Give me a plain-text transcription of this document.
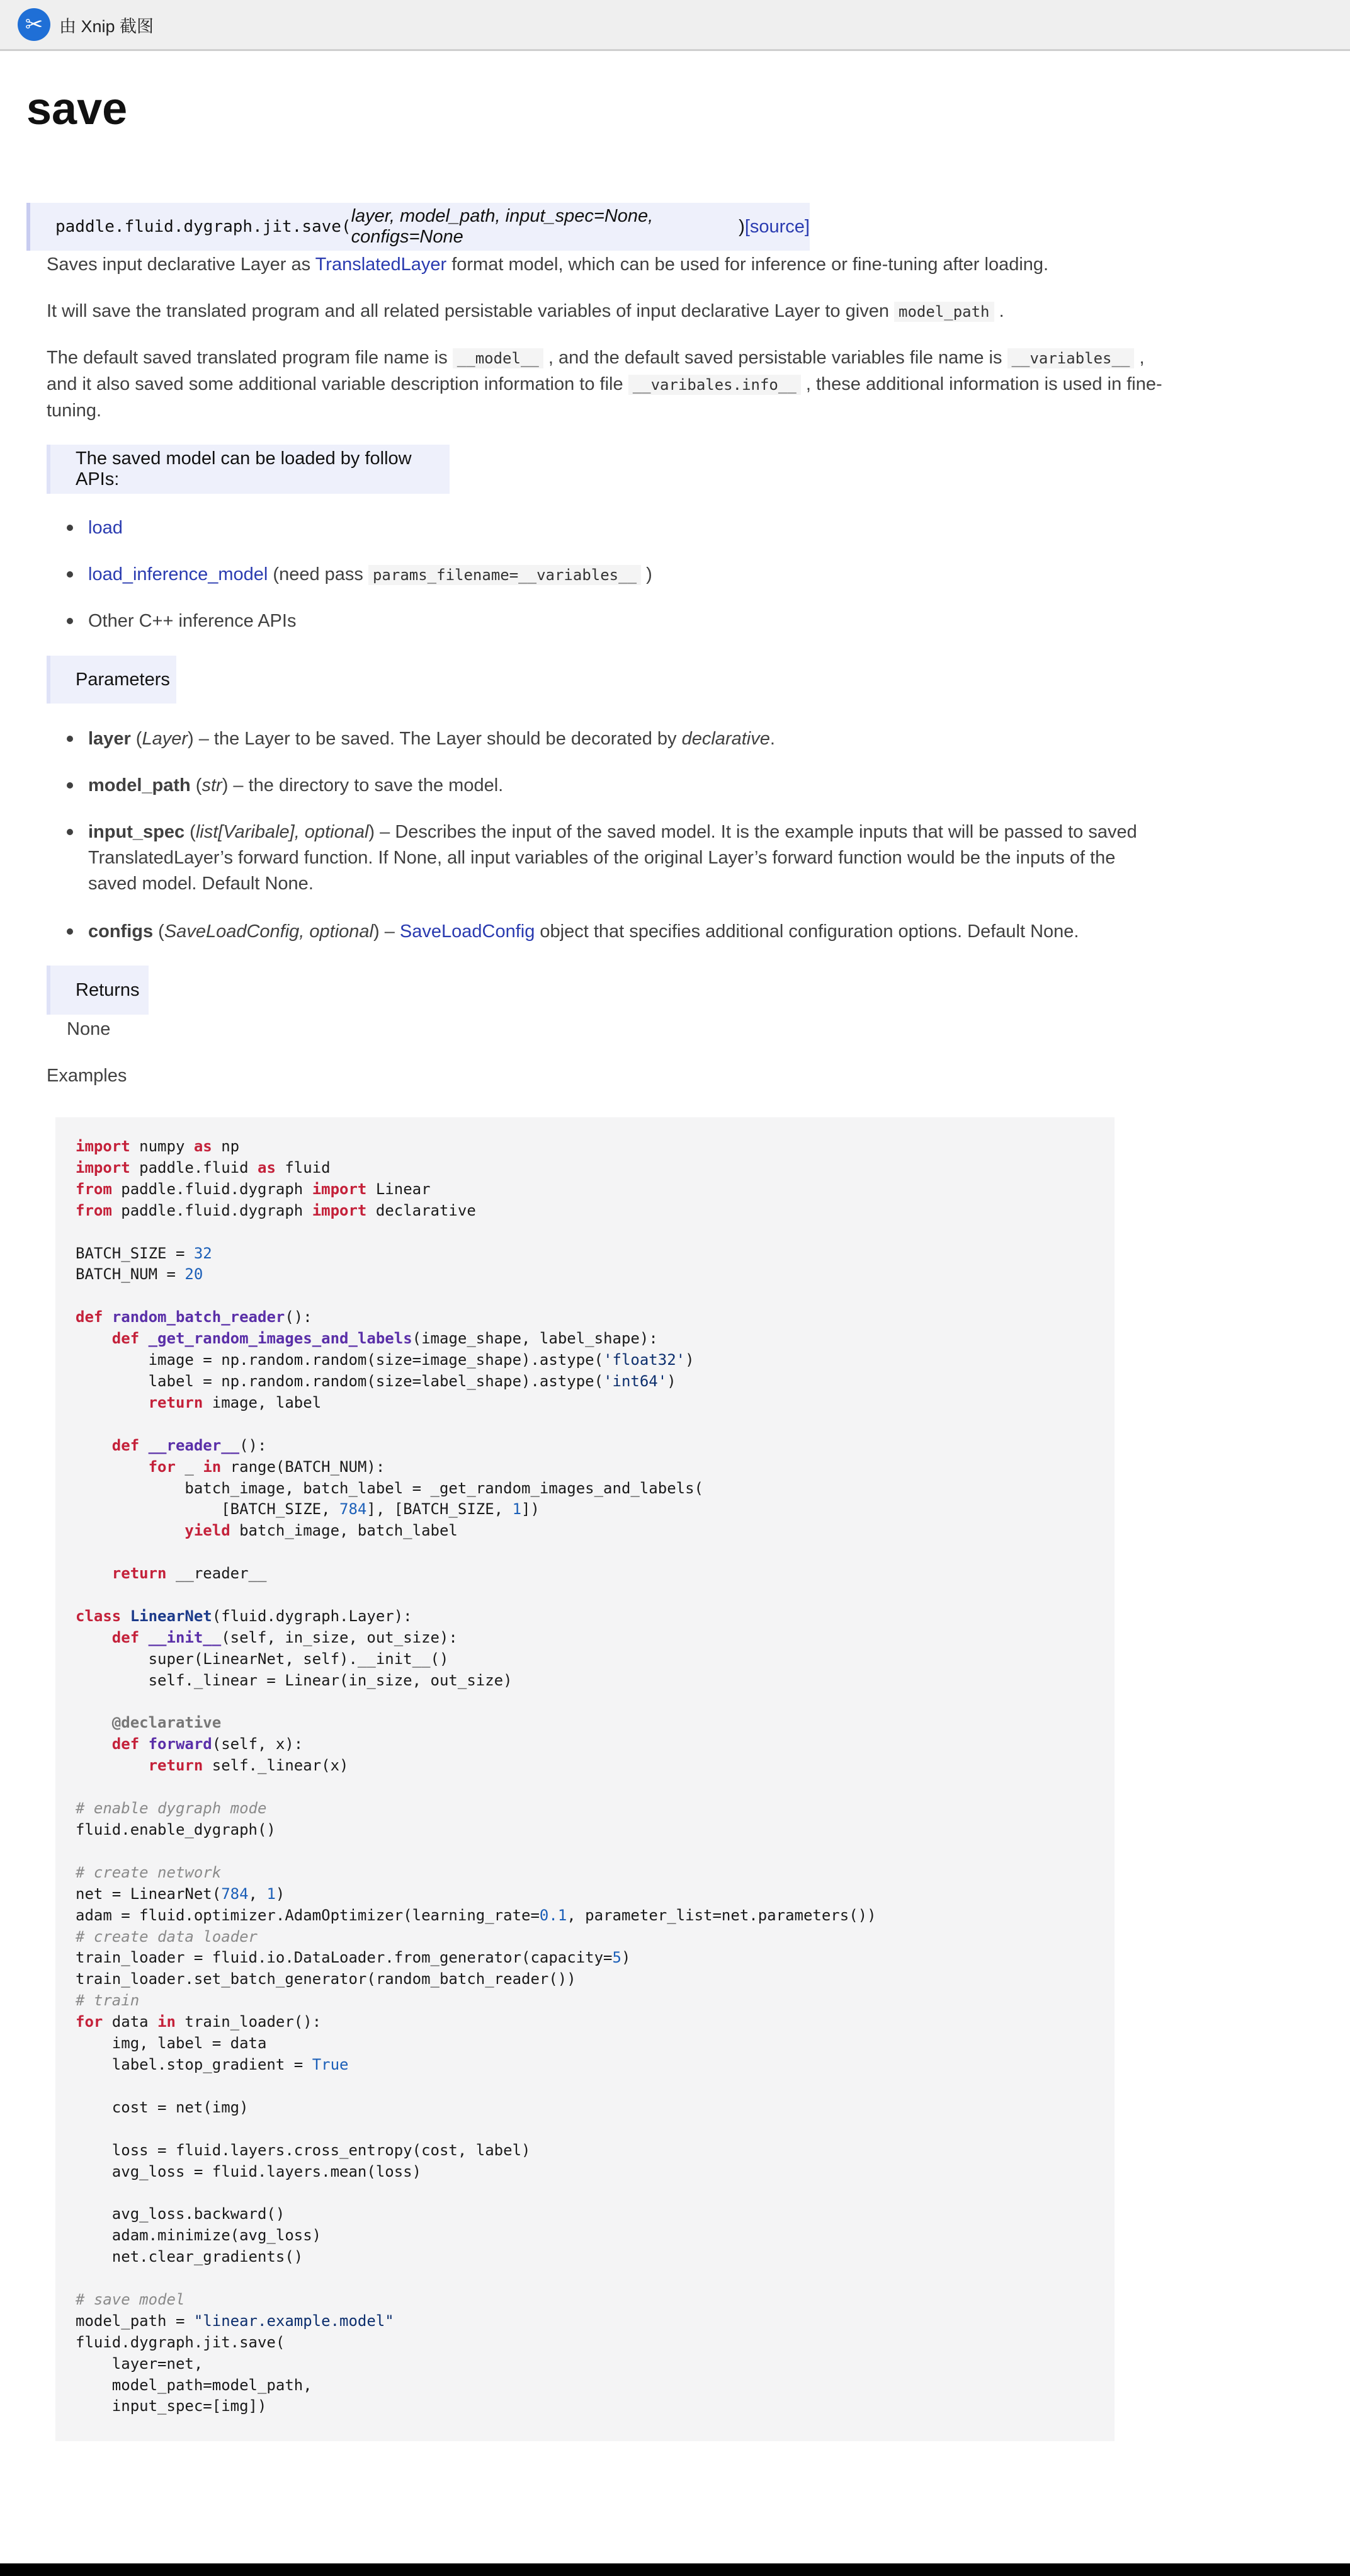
✂ 由 Xnip 截图
save
paddle.fluid.dygraph.jit.save(
layer, model_path, input_spec=None, configs=None
) [source]
Saves input declarative Layer as TranslatedLayer format model, which can be used for inference or fine-tuning after loading.
It will save the translated program and all related persistable variables of input declarative Layer to given model_path .
The default saved translated program file name is __model__ , and the default saved persistable variables file name is __variables__ ,
and it also saved some additional variable description information to file __varibales.info__ , these additional information is used in fine-
tuning.
The saved model can be loaded by follow APIs:
load
load_inference_model (need pass params_filename=__variables__ )
Other C++ inference APIs
Parameters
layer (Layer) – the Layer to be saved. The Layer should be decorated by declarative.
model_path (str) – the directory to save the model.
input_spec (list[Varibale], optional) – Describes the input of the saved model. It is the example inputs that will be passed to saved
TranslatedLayer’s forward function. If None, all input variables of the original Layer’s forward function would be the inputs of the
saved model. Default None.
configs (SaveLoadConfig, optional) – SaveLoadConfig object that specifies additional configuration options. Default None.
Returns
None
Examples
import numpy as np
import paddle.fluid as fluid
from paddle.fluid.dygraph import Linear
from paddle.fluid.dygraph import declarative

BATCH_SIZE = 32
BATCH_NUM = 20

def random_batch_reader():
def _get_random_images_and_labels(image_shape, label_shape):
image = np.random.random(size=image_shape).astype('float32')
label = np.random.random(size=label_shape).astype('int64')
return image, label

def __reader__():
for _ in range(BATCH_NUM):
batch_image, batch_label = _get_random_images_and_labels(
[BATCH_SIZE, 784], [BATCH_SIZE, 1])
yield batch_image, batch_label

return __reader__

class LinearNet(fluid.dygraph.Layer):
def __init__(self, in_size, out_size):
super(LinearNet, self).__init__()
self._linear = Linear(in_size, out_size)

@declarative
def forward(self, x):
return self._linear(x)

# enable dygraph mode
fluid.enable_dygraph()

# create network
net = LinearNet(784, 1)
adam = fluid.optimizer.AdamOptimizer(learning_rate=0.1, parameter_list=net.parameters())
# create data loader
train_loader = fluid.io.DataLoader.from_generator(capacity=5)
train_loader.set_batch_generator(random_batch_reader())
# train
for data in train_loader():
img, label = data
label.stop_gradient = True

cost = net(img)

loss = fluid.layers.cross_entropy(cost, label)
avg_loss = fluid.layers.mean(loss)

avg_loss.backward()
adam.minimize(avg_loss)
net.clear_gradients()

# save model
model_path = "linear.example.model"
fluid.dygraph.jit.save(
layer=net,
model_path=model_path,
input_spec=[img])
